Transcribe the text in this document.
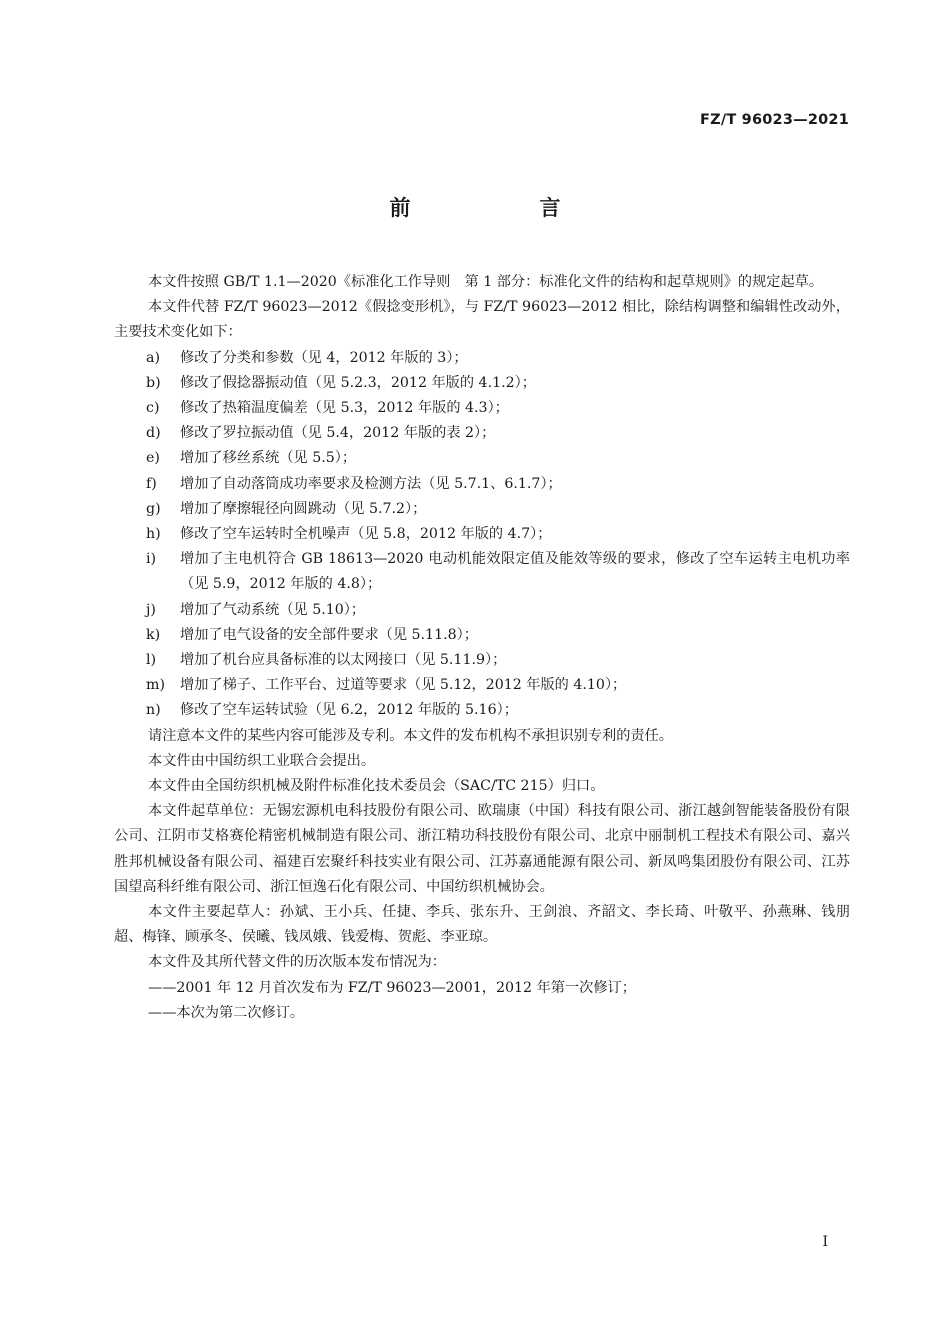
FZ/T 96023—2021
前　言

本文件按照 GB/T 1.1—2020《标准化工作导则　第 1 部分：标准化文件的结构和起草规则》的规定起草。

本文件代替 FZ/T 96023—2012《假捻变形机》，与 FZ/T 96023—2012 相比，除结构调整和编辑性改动外，主要技术变化如下：

a) 修改了分类和参数（见 4，2012 年版的 3）；

b) 修改了假捻器振动值（见 5.2.3，2012 年版的 4.1.2）；

c) 修改了热箱温度偏差（见 5.3，2012 年版的 4.3）；

d) 修改了罗拉振动值（见 5.4，2012 年版的表 2）；

e) 增加了移丝系统（见 5.5）；

f) 增加了自动落筒成功率要求及检测方法（见 5.7.1、6.1.7）；

g) 增加了摩擦辊径向圆跳动（见 5.7.2）；

h) 修改了空车运转时全机噪声（见 5.8，2012 年版的 4.7）；

i) 增加了主电机符合 GB 18613—2020 电动机能效限定值及能效等级的要求，修改了空车运转主电机功率（见 5.9，2012 年版的 4.8）；

j) 增加了气动系统（见 5.10）；

k) 增加了电气设备的安全部件要求（见 5.11.8）；

l) 增加了机台应具备标准的以太网接口（见 5.11.9）；

m) 增加了梯子、工作平台、过道等要求（见 5.12，2012 年版的 4.10）；

n) 修改了空车运转试验（见 6.2，2012 年版的 5.16）；

请注意本文件的某些内容可能涉及专利。本文件的发布机构不承担识别专利的责任。

本文件由中国纺织工业联合会提出。

本文件由全国纺织机械及附件标准化技术委员会（SAC/TC 215）归口。

本文件起草单位：无锡宏源机电科技股份有限公司、欧瑞康（中国）科技有限公司、浙江越剑智能装备股份有限公司、江阴市艾格赛伦精密机械制造有限公司、浙江精功科技股份有限公司、北京中丽制机工程技术有限公司、嘉兴胜邦机械设备有限公司、福建百宏聚纤科技实业有限公司、江苏嘉通能源有限公司、新凤鸣集团股份有限公司、江苏国望高科纤维有限公司、浙江恒逸石化有限公司、中国纺织机械协会。

本文件主要起草人：孙斌、王小兵、任捷、李兵、张东升、王剑浪、齐韶文、李长琦、叶敬平、孙燕琳、钱朋超、梅锋、顾承冬、侯曦、钱凤娥、钱爱梅、贺彪、李亚琼。

本文件及其所代替文件的历次版本发布情况为：

——2001 年 12 月首次发布为 FZ/T 96023—2001，2012 年第一次修订；

——本次为第二次修订。

I
